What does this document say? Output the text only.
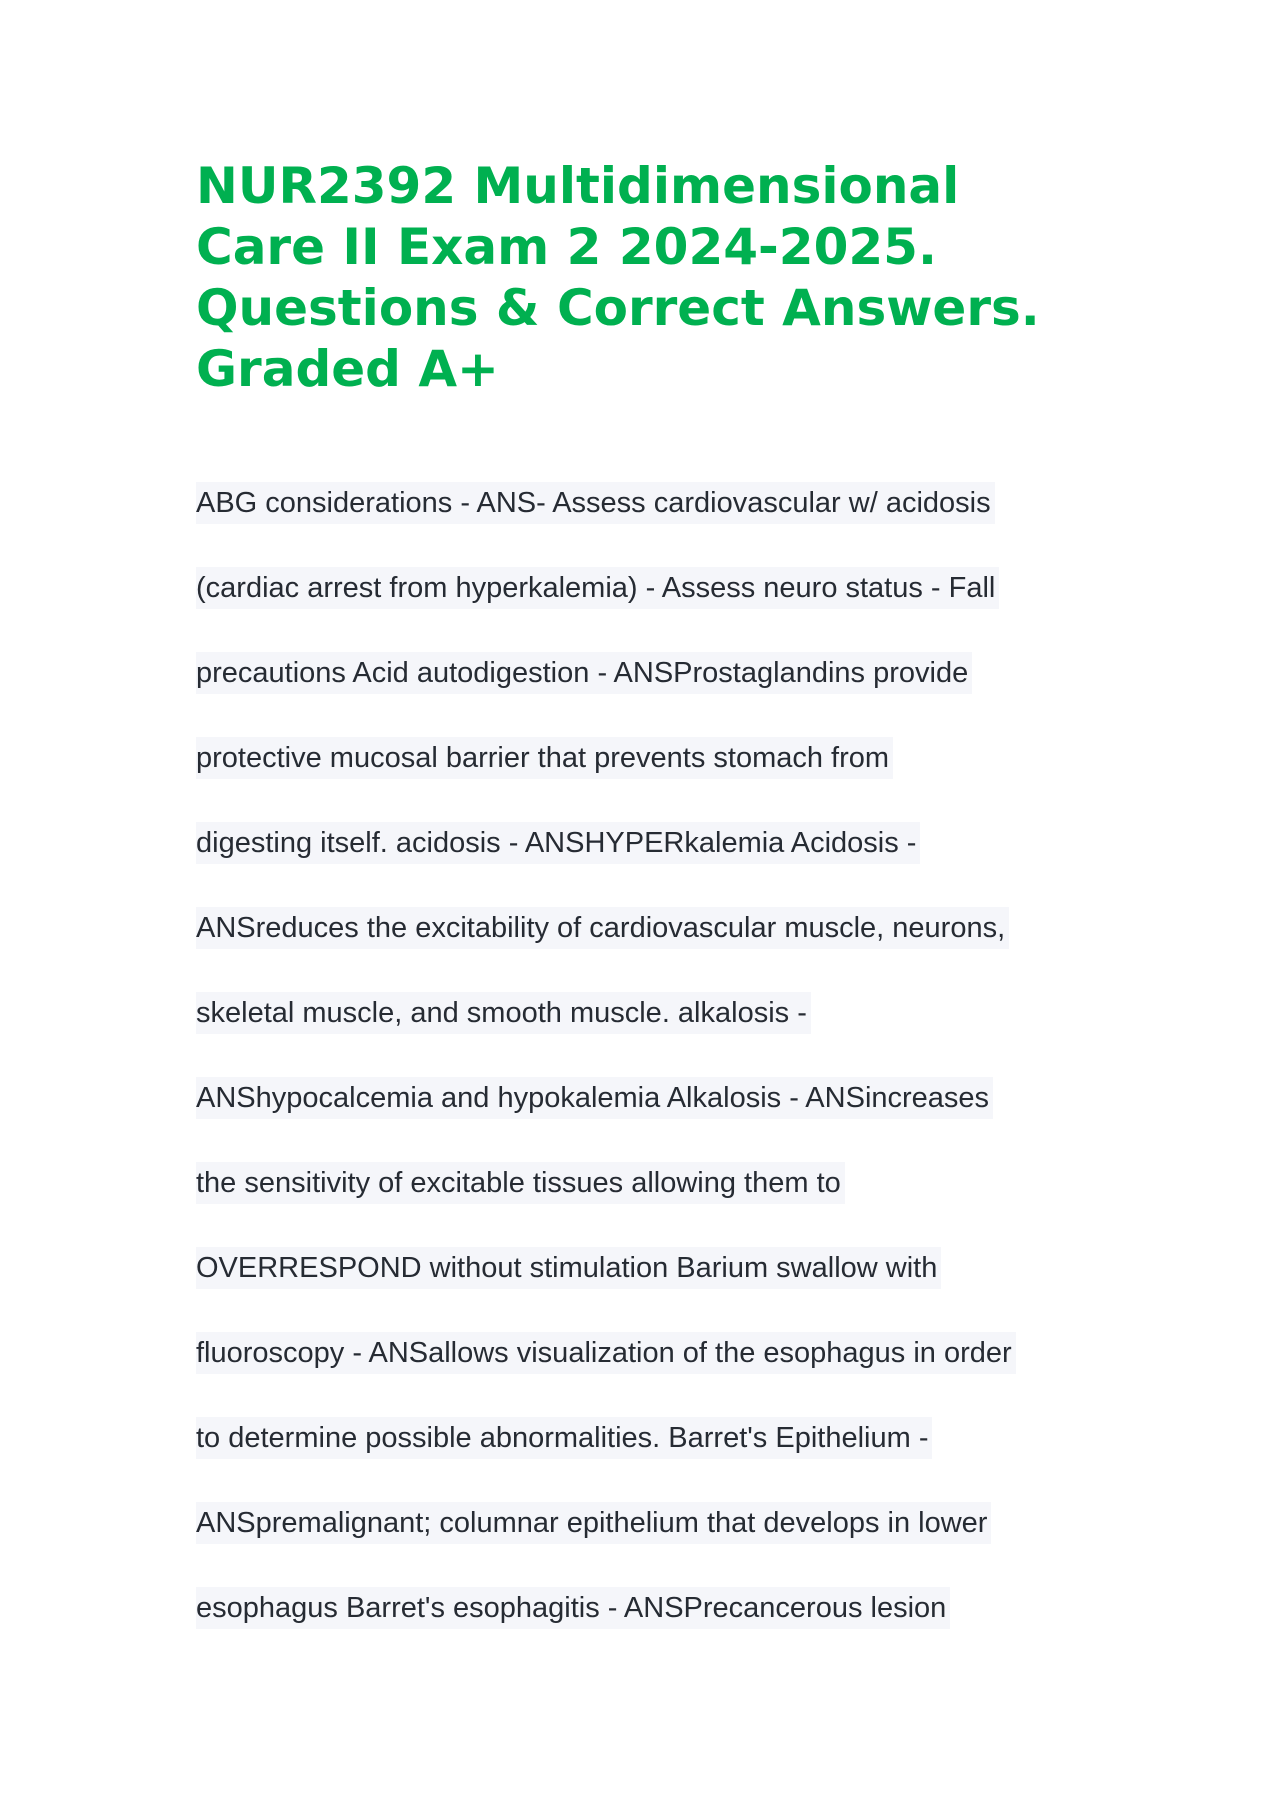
NUR2392 Multidimensional
Care II Exam 2 2024-2025.
Questions & Correct Answers.
Graded A+
ABG considerations - ANS- Assess cardiovascular w/ acidosis
(cardiac arrest from hyperkalemia) - Assess neuro status - Fall
precautions Acid autodigestion - ANSProstaglandins provide
protective mucosal barrier that prevents stomach from
digesting itself. acidosis - ANSHYPERkalemia Acidosis -
ANSreduces the excitability of cardiovascular muscle, neurons,
skeletal muscle, and smooth muscle. alkalosis -
ANShypocalcemia and hypokalemia Alkalosis - ANSincreases
the sensitivity of excitable tissues allowing them to
OVERRESPOND without stimulation Barium swallow with
fluoroscopy - ANSallows visualization of the esophagus in order
to determine possible abnormalities. Barret's Epithelium -
ANSpremalignant; columnar epithelium that develops in lower
esophagus Barret's esophagitis - ANSPrecancerous lesion
